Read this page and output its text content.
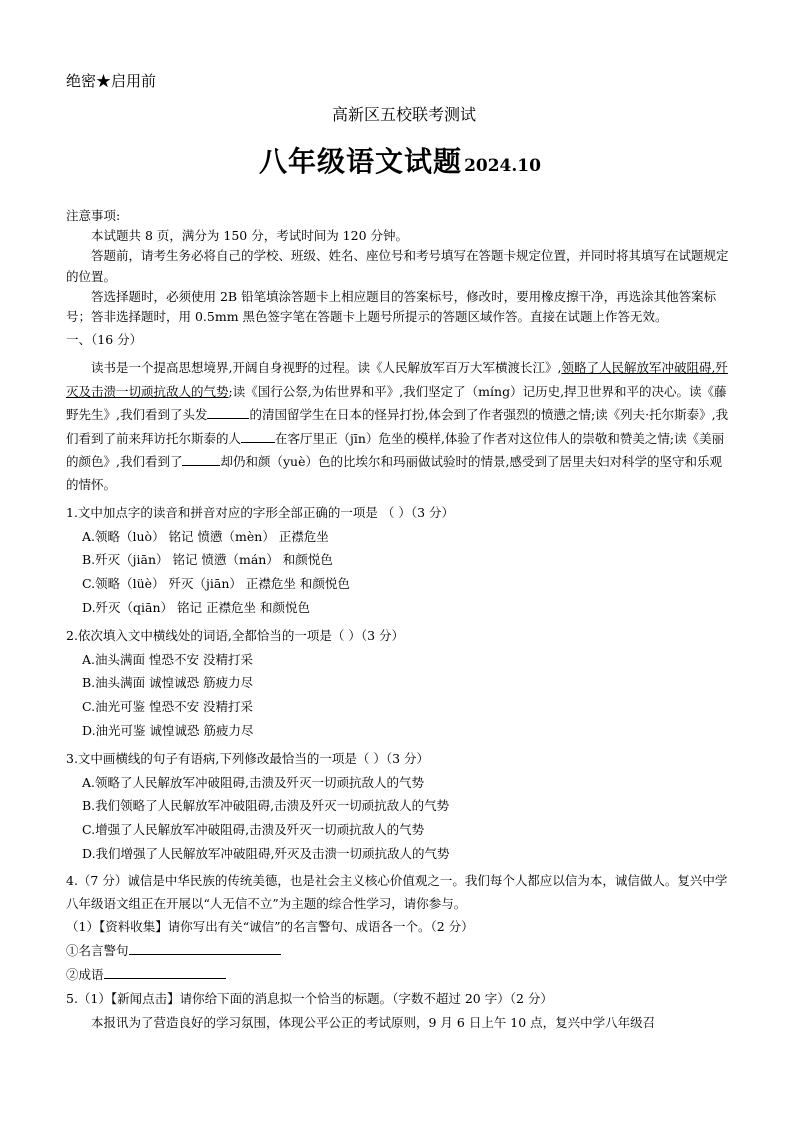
绝密★启用前
高新区五校联考测试
八年级语文试题 2024.10

注意事项:

本试题共 8 页，满分为 150 分，考试时间为 120 分钟。

答题前，请考生务必将自己的学校、班级、姓名、座位号和考号填写在答题卡规定位置，并同时将其填写在试题规定的位置。

答选择题时，必须使用 2B 铅笔填涂答题卡上相应题目的答案标号，修改时，要用橡皮擦干净，再选涂其他答案标号；答非选择题时，用 0.5mm 黑色签字笔在答题卡上题号所提示的答题区域作答。直接在试题上作答无效。

一、（16 分）

读书是一个提高思想境界,开阔自身视野的过程。读《人民解放军百万大军横渡长江》,领略了人民解放军冲破阻碍,歼灭及击溃一切顽抗敌人的气势;读《国行公祭,为佑世界和平》,我们坚定了（míng）记历史,捍卫世界和平的决心。读《藤野先生》,我们看到了头发	的清国留学生在日本的怪异打扮,体会到了作者强烈的愤懑之情;读《列夫·托尔斯泰》,我们看到了前来拜访托尔斯泰的人	在客厅里正（jīn）危坐的模样,体验了作者对这位伟人的崇敬和赞美之情;读《美丽的颜色》,我们看到了	却仍和颜（yuè）色的比埃尔和玛丽做试验时的情景,感受到了居里夫妇对科学的坚守和乐观的情怀。

1.文中加点字的读音和拼音对应的字形全部正确的一项是 （ ）（3 分）

A.领略（luò） 铭记 愤懑（mèn） 正襟危坐

B.歼灭（jiān） 铭记 愤懑（mán） 和颜悦色

C.领略（lüè） 歼灭（jiān） 正襟危坐 和颜悦色

D.歼灭（qiān） 铭记 正襟危坐 和颜悦色

2.依次填入文中横线处的词语,全都恰当的一项是（ ）（3 分）

A.油头满面 惶恐不安 没精打采

B.油头满面 诚惶诚恐 筋疲力尽

C.油光可鉴 惶恐不安 没精打采

D.油光可鉴 诚惶诚恐 筋疲力尽

3.文中画横线的句子有语病,下列修改最恰当的一项是（ ）（3 分）

A.领略了人民解放军冲破阻碍,击溃及歼灭一切顽抗敌人的气势

B.我们领略了人民解放军冲破阻碍,击溃及歼灭一切顽抗敌人的气势

C.增强了人民解放军冲破阻碍,击溃及歼灭一切顽抗敌人的气势

D.我们增强了人民解放军冲破阻碍,歼灭及击溃一切顽抗敌人的气势

4.（7 分）诚信是中华民族的传统美德，也是社会主义核心价值观之一。我们每个人都应以信为本，诚信做人。复兴中学八年级语文组正在开展以“人无信不立”为主题的综合性学习，请你参与。

（1）【资料收集】请你写出有关“诚信”的名言警句、成语各一个。（2 分）

①名言警句

②成语

5.（1）【新闻点击】请你给下面的消息拟一个恰当的标题。（字数不超过 20 字）（2 分）

本报讯为了营造良好的学习氛围，体现公平公正的考试原则，9 月 6 日上午 10 点，复兴中学八年级召
